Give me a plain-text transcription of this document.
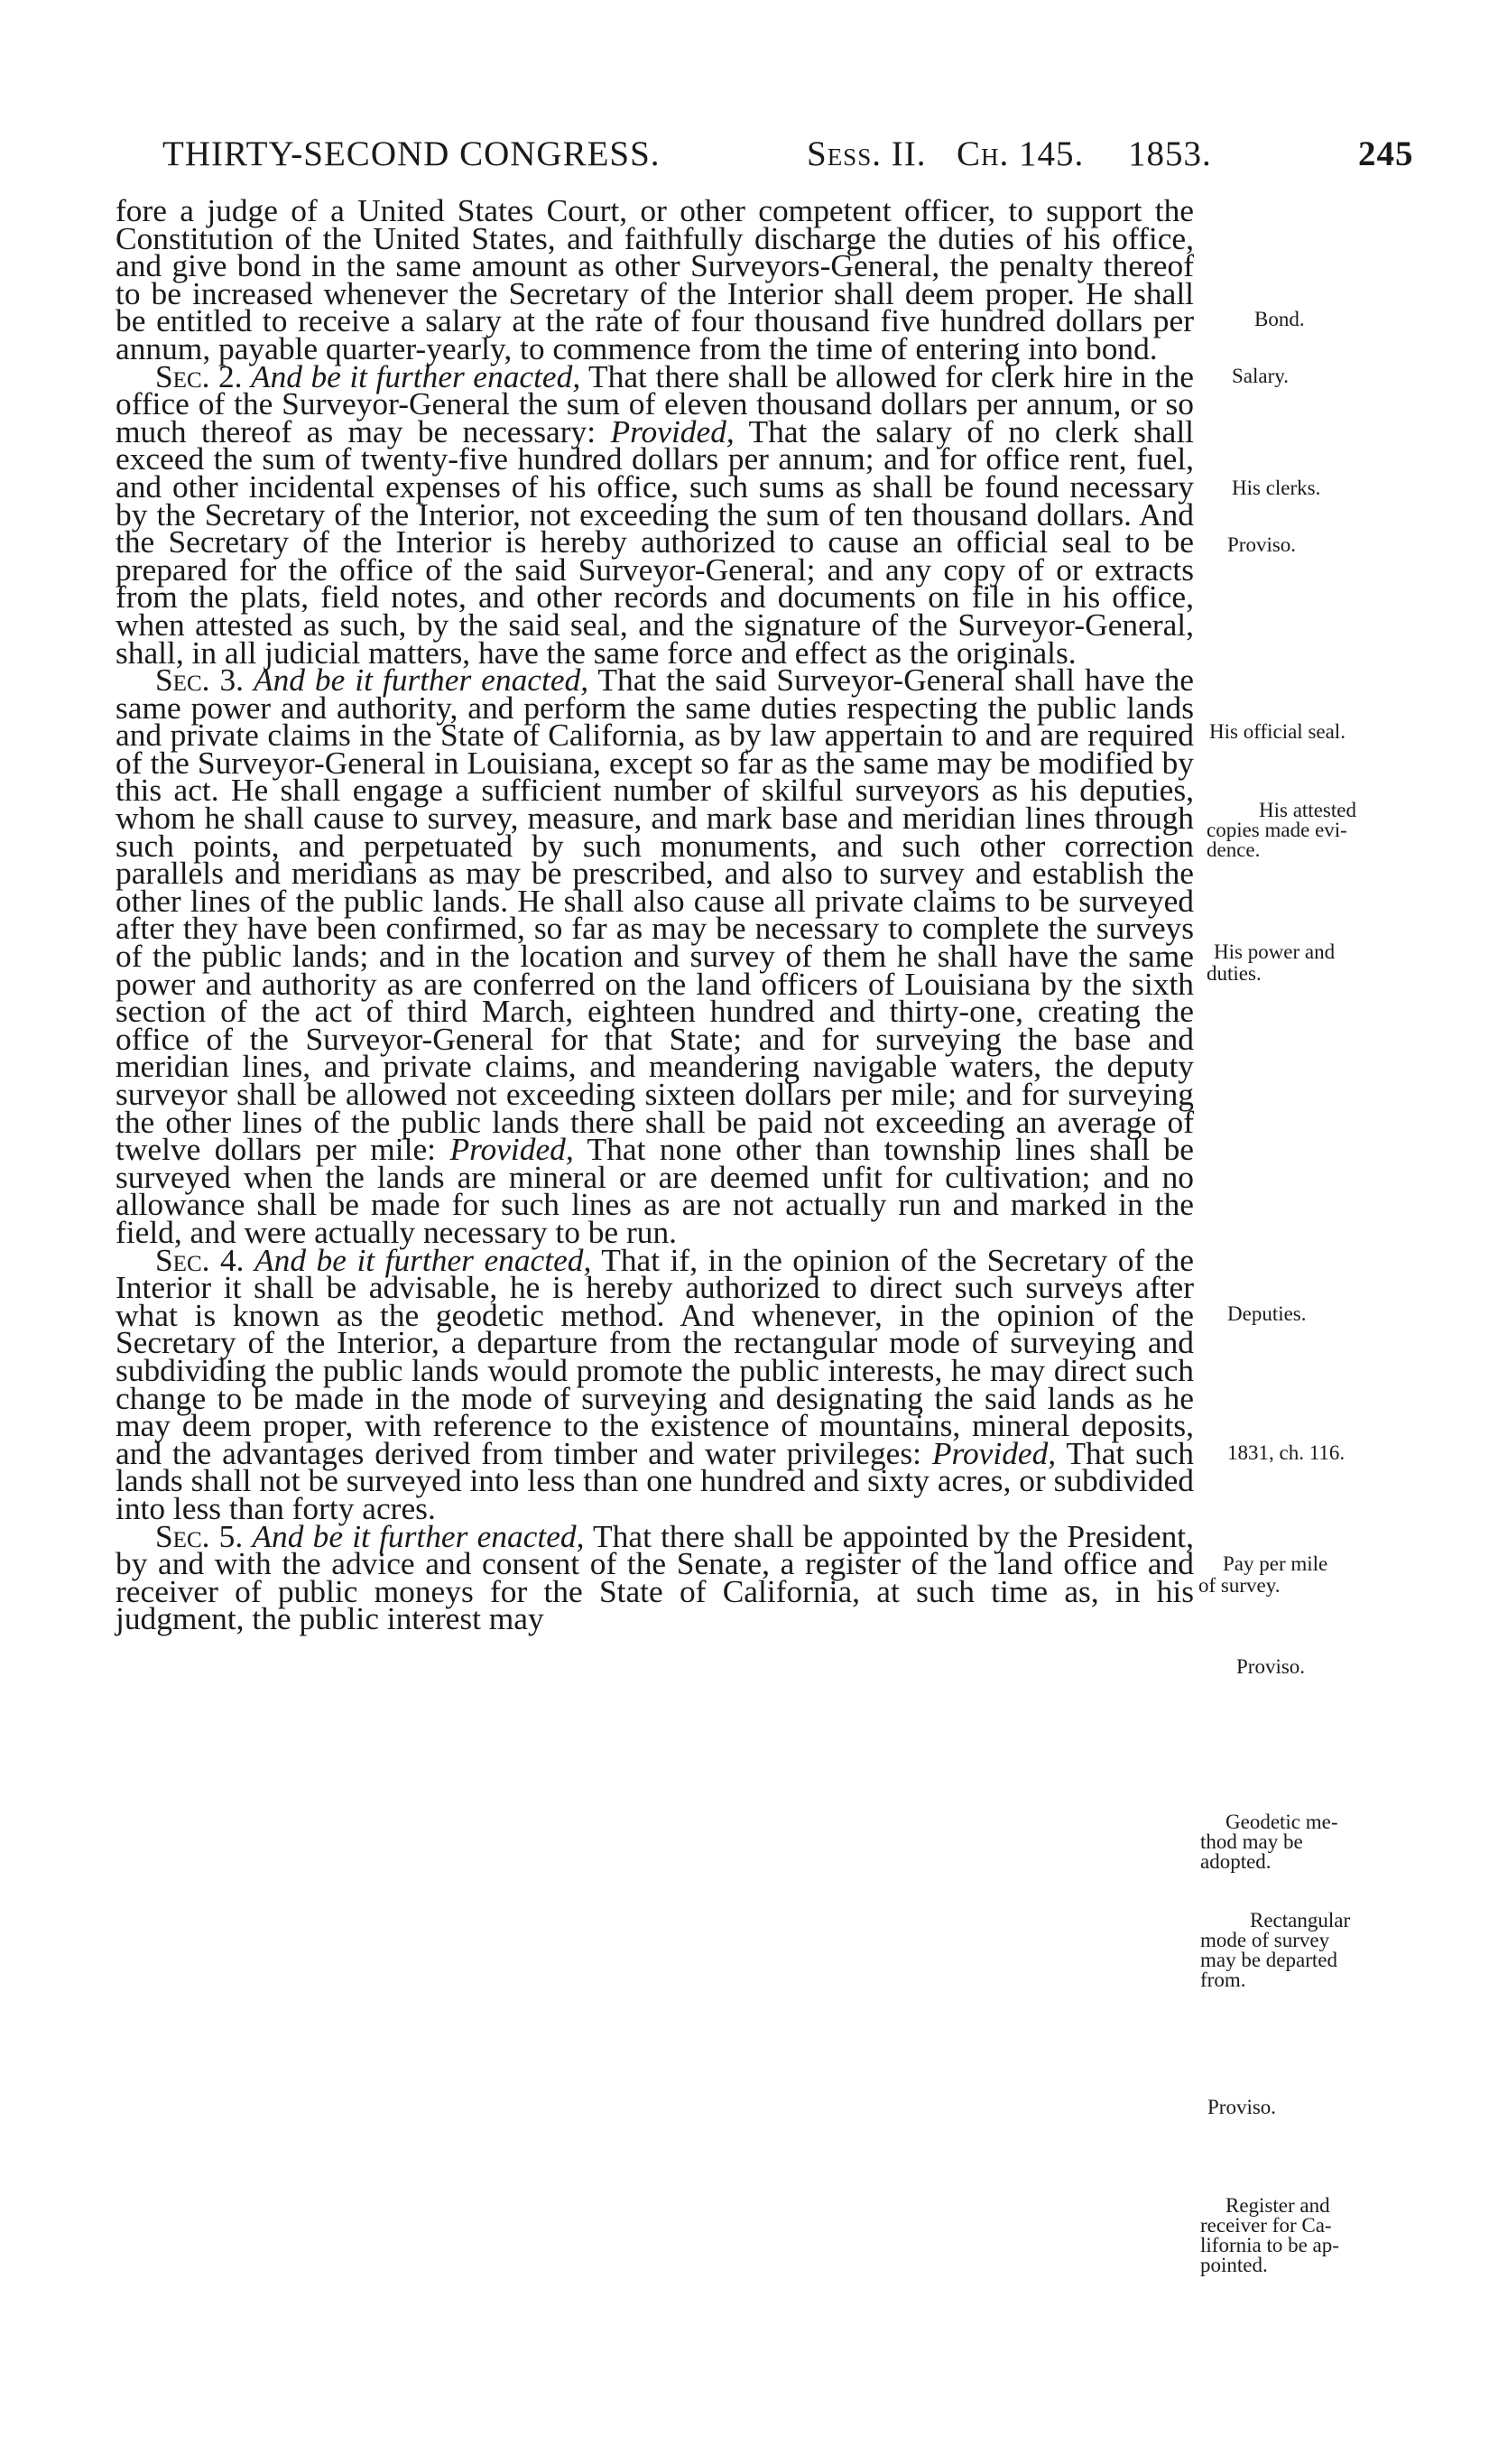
THIRTY-SECOND CONGRESS.	Sess. II. Ch. 145. 1853.	245

fore a judge of a United States Court, or other competent officer, to support the Constitution of the United States, and faithfully discharge the duties of his office, and give bond in the same amount as other Surveyors-General, the penalty thereof to be increased whenever the Secretary of the Interior shall deem proper. He shall be entitled to receive a salary at the rate of four thousand five hundred dollars per annum, payable quarter-yearly, to commence from the time of entering into bond.

Sec. 2. And be it further enacted, That there shall be allowed for clerk hire in the office of the Surveyor-General the sum of eleven thousand dollars per annum, or so much thereof as may be necessary: Provided, That the salary of no clerk shall exceed the sum of twenty-five hundred dollars per annum; and for office rent, fuel, and other incidental expenses of his office, such sums as shall be found necessary by the Secretary of the Interior, not exceeding the sum of ten thousand dollars. And the Secretary of the Interior is hereby authorized to cause an official seal to be prepared for the office of the said Surveyor-General; and any copy of or extracts from the plats, field notes, and other records and documents on file in his office, when attested as such, by the said seal, and the signature of the Surveyor-General, shall, in all judicial matters, have the same force and effect as the originals.

Sec. 3. And be it further enacted, That the said Surveyor-General shall have the same power and authority, and perform the same duties respecting the public lands and private claims in the State of California, as by law appertain to and are required of the Surveyor-General in Louisiana, except so far as the same may be modified by this act. He shall engage a sufficient number of skilful surveyors as his deputies, whom he shall cause to survey, measure, and mark base and meridian lines through such points, and perpetuated by such monuments, and such other correction parallels and meridians as may be prescribed, and also to survey and establish the other lines of the public lands. He shall also cause all private claims to be surveyed after they have been confirmed, so far as may be necessary to complete the surveys of the public lands; and in the location and survey of them he shall have the same power and authority as are conferred on the land officers of Louisiana by the sixth section of the act of third March, eighteen hundred and thirty-one, creating the office of the Surveyor-General for that State; and for surveying the base and meridian lines, and private claims, and meandering navigable waters, the deputy surveyor shall be allowed not exceeding sixteen dollars per mile; and for surveying the other lines of the public lands there shall be paid not exceeding an average of twelve dollars per mile: Provided, That none other than township lines shall be surveyed when the lands are mineral or are deemed unfit for cultivation; and no allowance shall be made for such lines as are not actually run and marked in the field, and were actually necessary to be run.

Sec. 4. And be it further enacted, That if, in the opinion of the Secretary of the Interior it shall be advisable, he is hereby authorized to direct such surveys after what is known as the geodetic method. And whenever, in the opinion of the Secretary of the Interior, a departure from the rectangular mode of surveying and subdividing the public lands would promote the public interests, he may direct such change to be made in the mode of surveying and designating the said lands as he may deem proper, with reference to the existence of mountains, mineral deposits, and the advantages derived from timber and water privileges: Provided, That such lands shall not be surveyed into less than one hundred and sixty acres, or subdivided into less than forty acres.

Sec. 5. And be it further enacted, That there shall be appointed by the President, by and with the advice and consent of the Senate, a register of the land office and receiver of public moneys for the State of California, at such time as, in his judgment, the public interest may

Bond.
Salary.
His clerks.
Proviso.
His official seal.
His attested
copies made evi-
dence.
His power and
duties.
Deputies.
1831, ch. 116.
Pay per mile
of survey.
Proviso.
Geodetic me-
thod may be
adopted.
Rectangular
mode of survey
may be departed
from.
Proviso.
Register and
receiver for Ca-
lifornia to be ap-
pointed.
